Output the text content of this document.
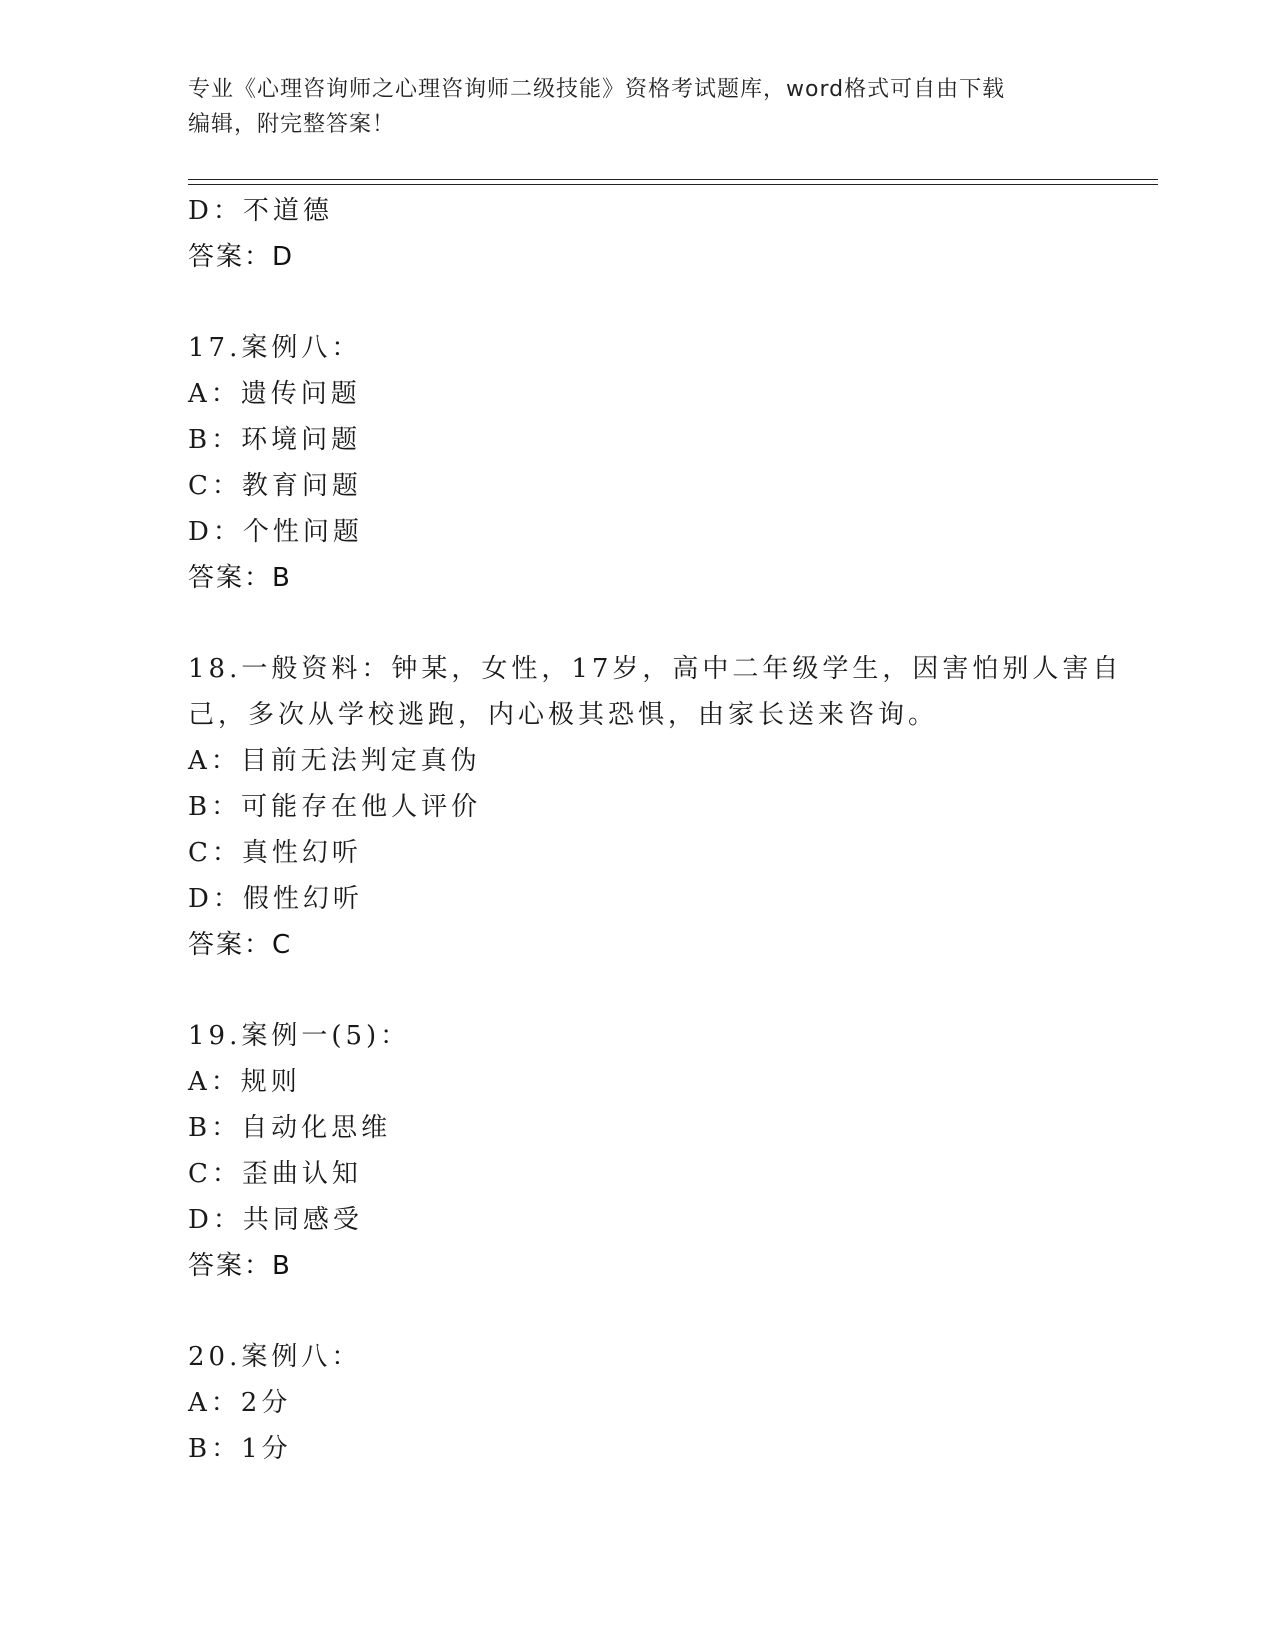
专业《心理咨询师之心理咨询师二级技能》资格考试题库，word格式可自由下载
编辑，附完整答案！
D：不道德
答案：D
17.案例八：
A：遗传问题
B：环境问题
C：教育问题
D：个性问题
答案：B
18.一般资料：钟某，女性，17岁，高中二年级学生，因害怕别人害自
己，多次从学校逃跑，内心极其恐惧，由家长送来咨询。
A：目前无法判定真伪
B：可能存在他人评价
C：真性幻听
D：假性幻听
答案：C
19.案例一(5)：
A：规则
B：自动化思维
C：歪曲认知
D：共同感受
答案：B
20.案例八：
A：2分
B：1分
